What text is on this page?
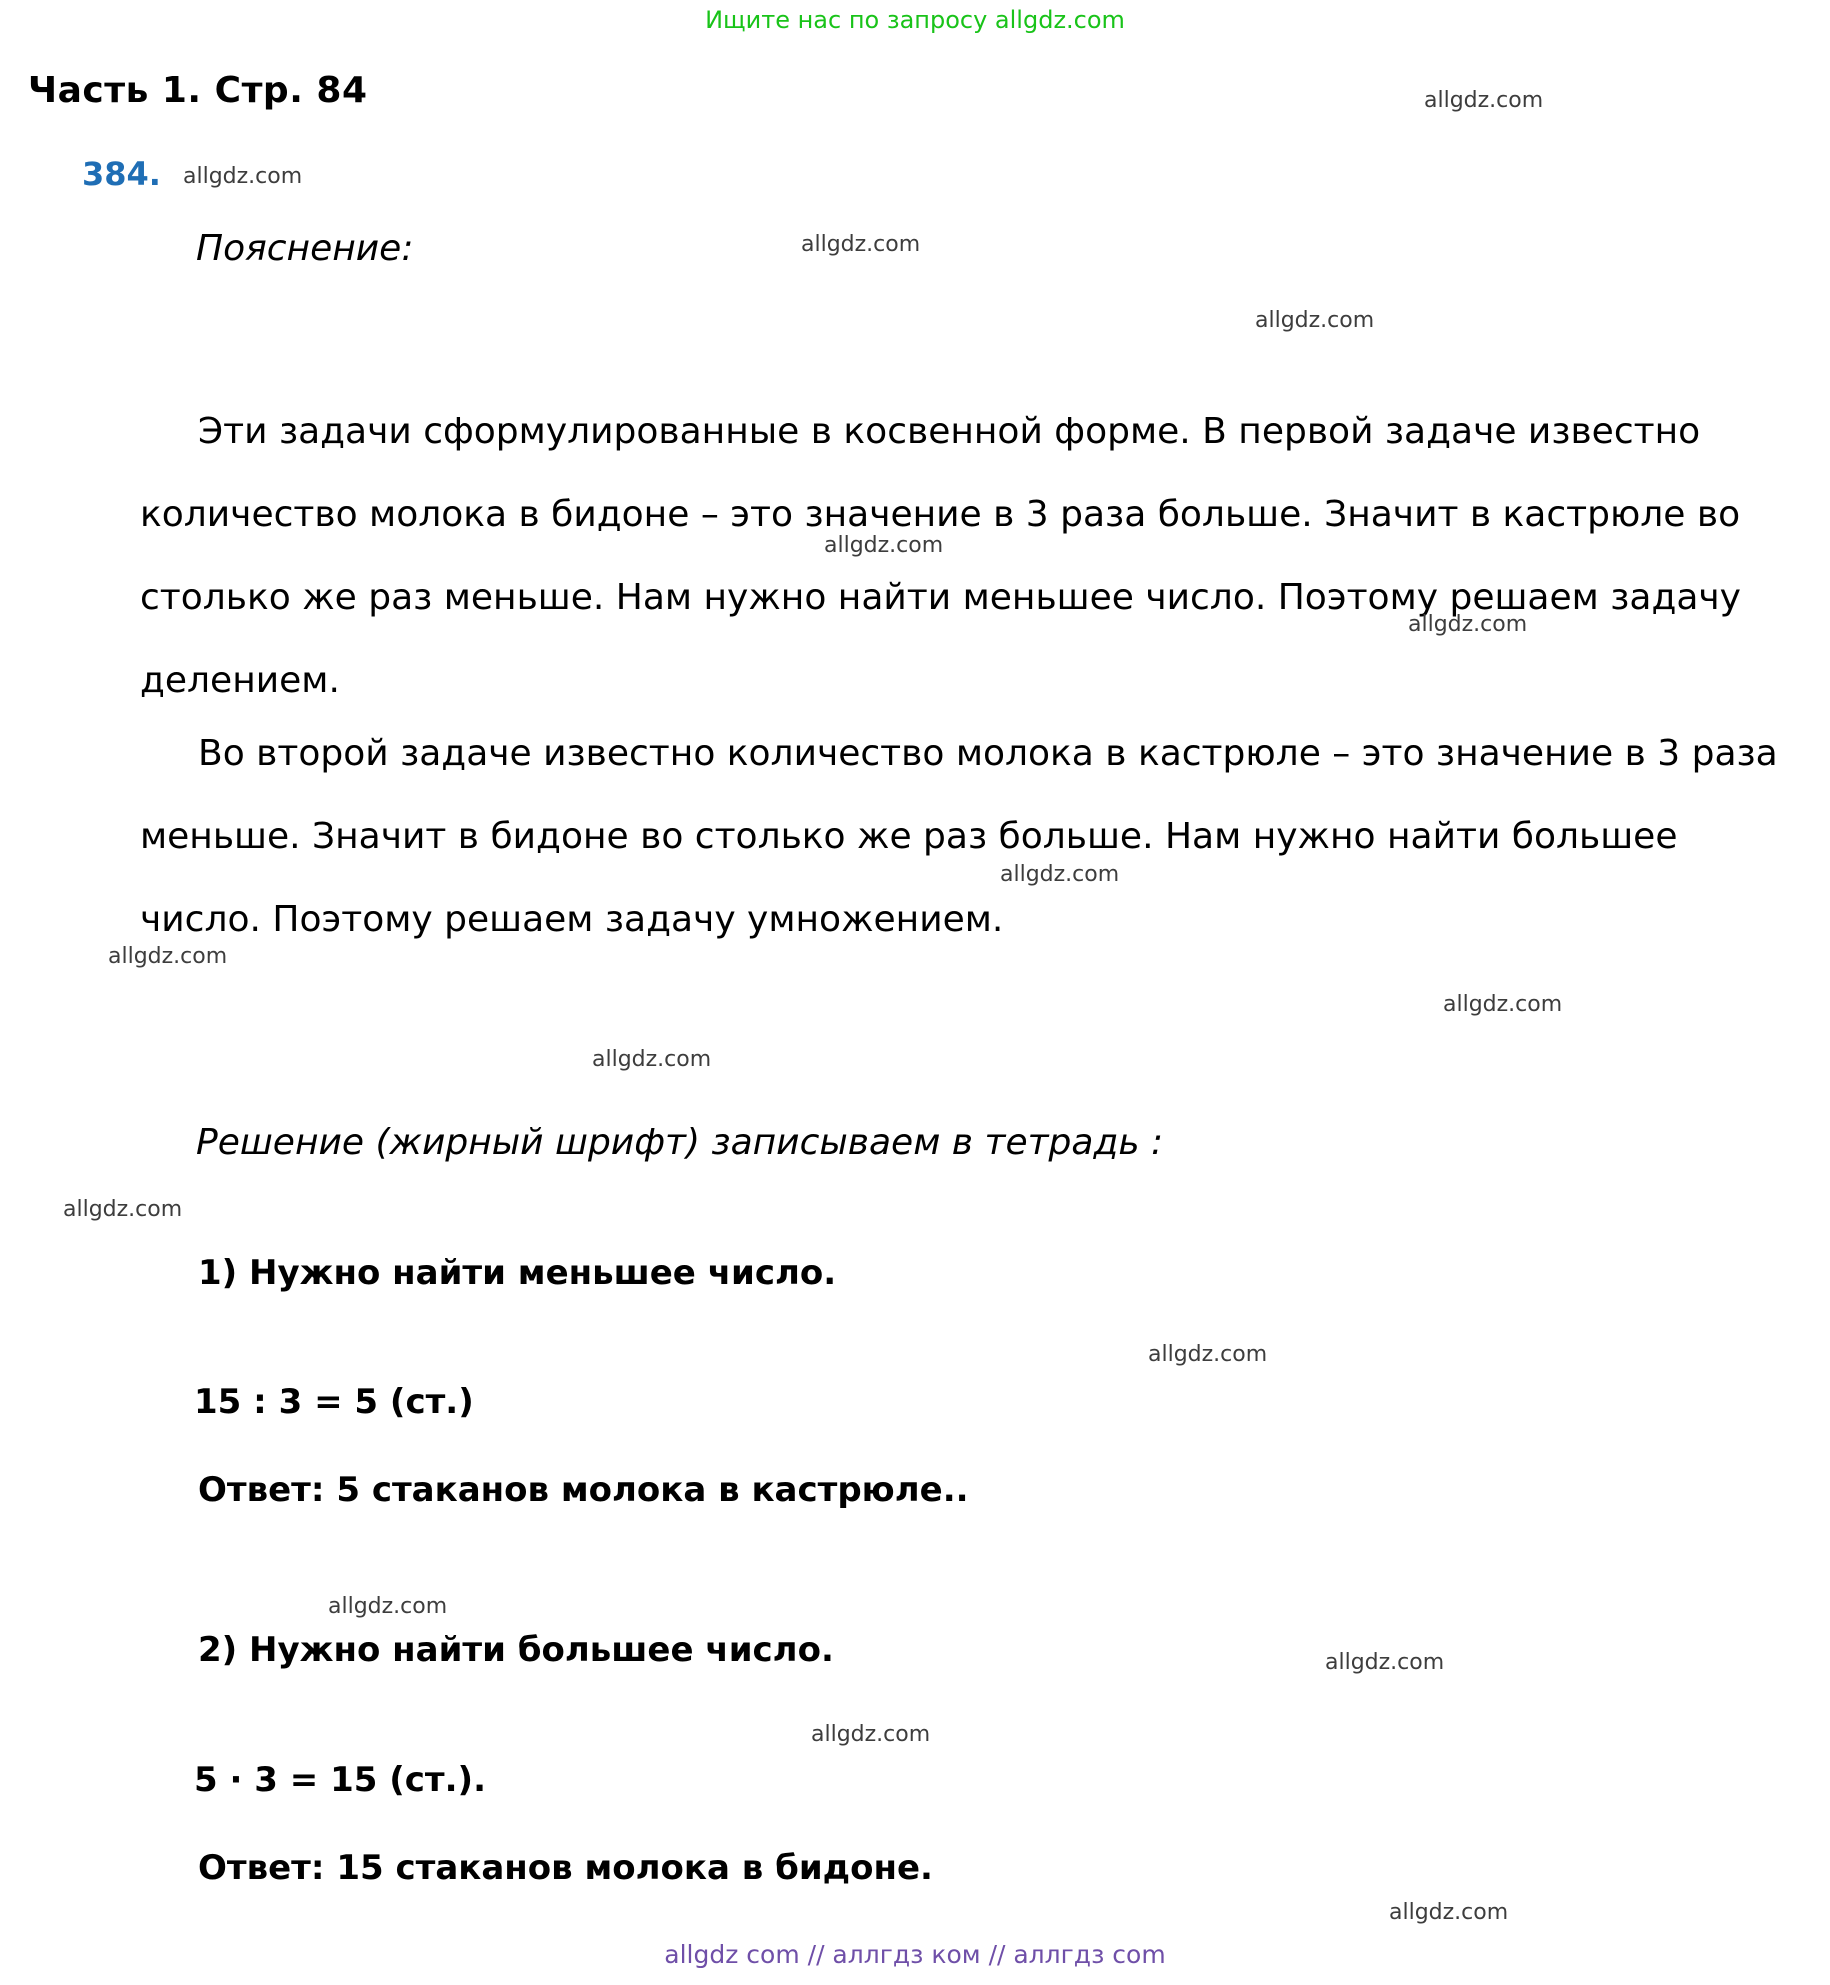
Ищите нас по запросу allgdz.com
Часть 1. Стр. 84
384.
Пояснение:
Эти задачи сформулированные в косвенной форме. В первой задаче известно количество молока в бидоне – это значение в 3 раза больше. Значит в кастрюле во столько же раз меньше. Нам нужно найти меньшее число. Поэтому решаем задачу делением.
Во второй задаче известно количество молока в кастрюле – это значение в 3 раза меньше. Значит в бидоне во столько же раз больше. Нам нужно найти большее число. Поэтому решаем задачу умножением.
Решение (жирный шрифт) записываем в тетрадь :
1) Нужно найти меньшее число.
15 : 3 = 5 (ст.)
Ответ: 5 стаканов молока в кастрюле..
2) Нужно найти большее число.
5 · 3 = 15 (ст.).
Ответ: 15 стаканов молока в бидоне.
allgdz com // аллгдз ком // аллгдз com
allgdz.com
allgdz.com
allgdz.com
allgdz.com
allgdz.com
allgdz.com
allgdz.com
allgdz.com
allgdz.com
allgdz.com
allgdz.com
allgdz.com
allgdz.com
allgdz.com
allgdz.com
allgdz.com
